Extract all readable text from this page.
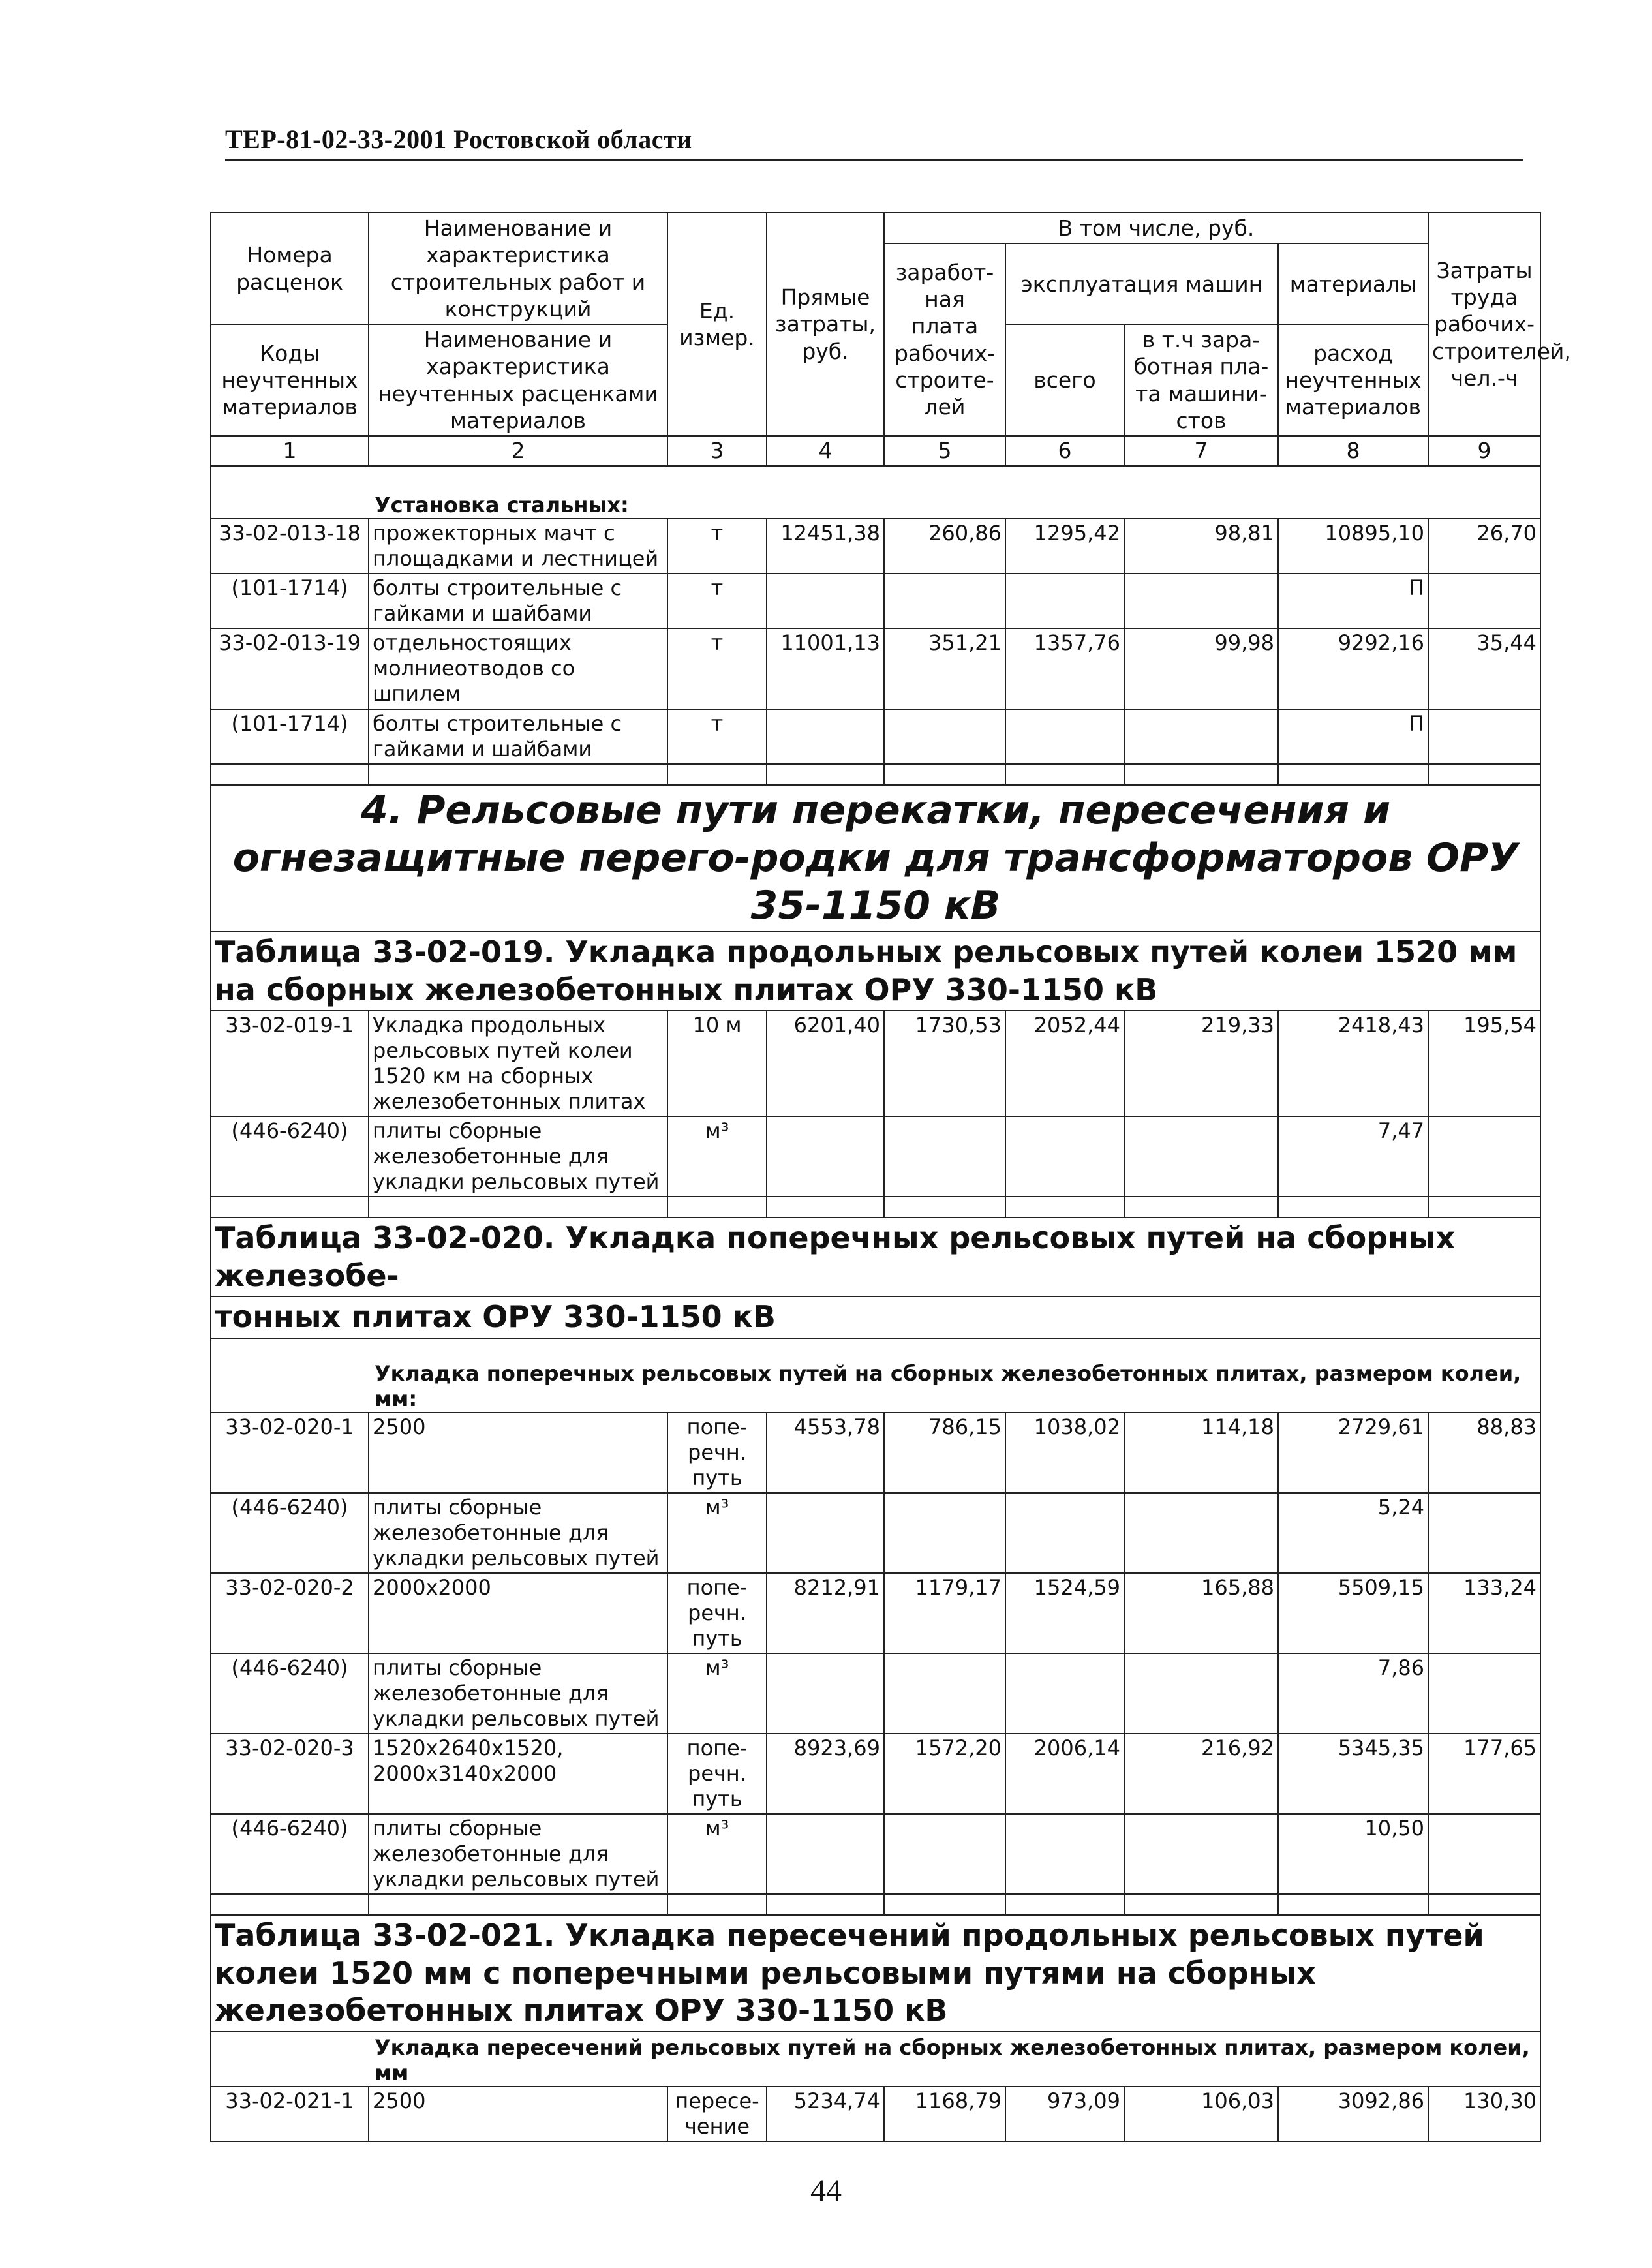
ТЕР-81-02-33-2001 Ростовской области
Номера расценок	Наименование и характеристика строительных работ и конструкций	Ед. измер.	Прямые затраты, руб.	В том числе, руб.				Затраты труда рабочих-строителей, чел.-ч
				заработ-ная плата рабочих-строите-лей	эксплуатация машин		материалы	
Коды неучтенных материалов	Наименование и характеристика неучтенных расценками материалов				всего	в т.ч зара-ботная пла-та машини-стов	расход неучтенных материалов	

1	2	3	4	5	6	7	8	9
Установка стальных:								
33-02-013-18	прожекторных мачт с площадками и лестницей	т	12451,38	260,86	1295,42	98,81	10895,10	26,70
(101-1714)	болты строительные с гайками и шайбами	т					П	
33-02-013-19	отдельностоящих молниеотводов со шпилем	т	11001,13	351,21	1357,76	99,98	9292,16	35,44
(101-1714)	болты строительные с гайками и шайбами	т					П	

4. Рельсовые пути перекатки, пересечения и огнезащитные перего-родки для трансформаторов ОРУ 35-1150 кВ								
Таблица 33-02-019. Укладка продольных рельсовых путей колеи 1520 мм на сборных железобетонных плитах ОРУ 330-1150 кВ								
33-02-019-1	Укладка продольных рельсовых путей колеи 1520 км на сборных железобетонных плитах	10 м	6201,40	1730,53	2052,44	219,33	2418,43	195,54
(446-6240)	плиты сборные железобетонные для укладки рельсовых путей	м³					7,47	

Таблица 33-02-020. Укладка поперечных рельсовых путей на сборных железобе-								
тонных плитах ОРУ 330-1150 кВ								
Укладка поперечных рельсовых путей на сборных железобетонных плитах, размером колеи, мм:								
33-02-020-1	2500	попе-речн. путь	4553,78	786,15	1038,02	114,18	2729,61	88,83
(446-6240)	плиты сборные железобетонные для укладки рельсовых путей	м³					5,24	
33-02-020-2	2000x2000	попе-речн. путь	8212,91	1179,17	1524,59	165,88	5509,15	133,24
(446-6240)	плиты сборные железобетонные для укладки рельсовых путей	м³					7,86	
33-02-020-3	1520x2640x1520, 2000x3140x2000	попе-речн. путь	8923,69	1572,20	2006,14	216,92	5345,35	177,65
(446-6240)	плиты сборные железобетонные для укладки рельсовых путей	м³					10,50	

Таблица 33-02-021. Укладка пересечений продольных рельсовых путей колеи 1520 мм с поперечными рельсовыми путями на сборных железобетонных плитах ОРУ 330-1150 кВ								
Укладка пересечений рельсовых путей на сборных железобетонных плитах, размером колеи, мм								
33-02-021-1	2500	пересе-чение	5234,74	1168,79	973,09	106,03	3092,86	130,30
44
